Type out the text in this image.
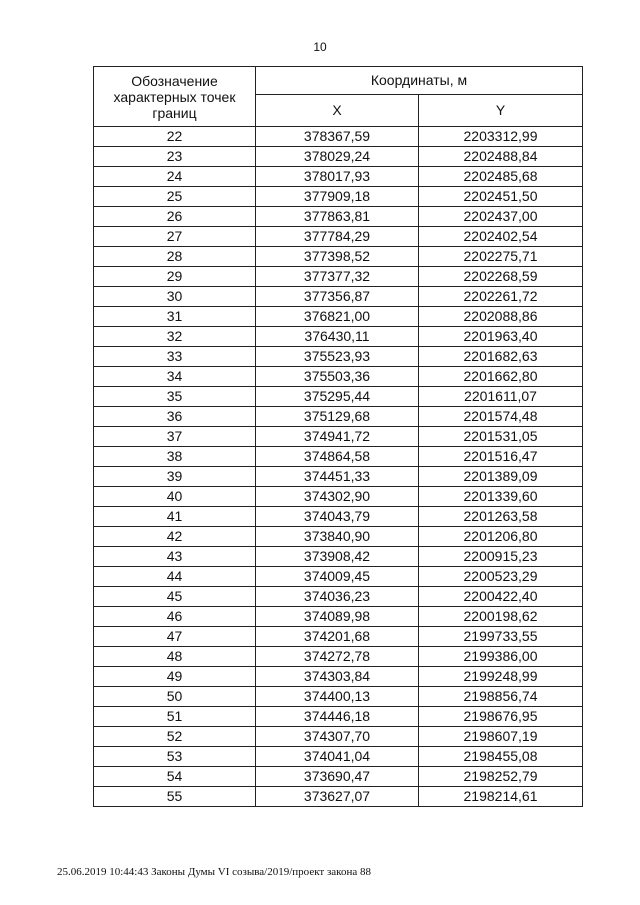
10
Обозначение характерных точек границ	Координаты, м	
	X	Y
22	378367,59	2203312,99
23	378029,24	2202488,84
24	378017,93	2202485,68
25	377909,18	2202451,50
26	377863,81	2202437,00
27	377784,29	2202402,54
28	377398,52	2202275,71
29	377377,32	2202268,59
30	377356,87	2202261,72
31	376821,00	2202088,86
32	376430,11	2201963,40
33	375523,93	2201682,63
34	375503,36	2201662,80
35	375295,44	2201611,07
36	375129,68	2201574,48
37	374941,72	2201531,05
38	374864,58	2201516,47
39	374451,33	2201389,09
40	374302,90	2201339,60
41	374043,79	2201263,58
42	373840,90	2201206,80
43	373908,42	2200915,23
44	374009,45	2200523,29
45	374036,23	2200422,40
46	374089,98	2200198,62
47	374201,68	2199733,55
48	374272,78	2199386,00
49	374303,84	2199248,99
50	374400,13	2198856,74
51	374446,18	2198676,95
52	374307,70	2198607,19
53	374041,04	2198455,08
54	373690,47	2198252,79
55	373627,07	2198214,61
25.06.2019 10:44:43 Законы Думы VI созыва/2019/проект закона 88
